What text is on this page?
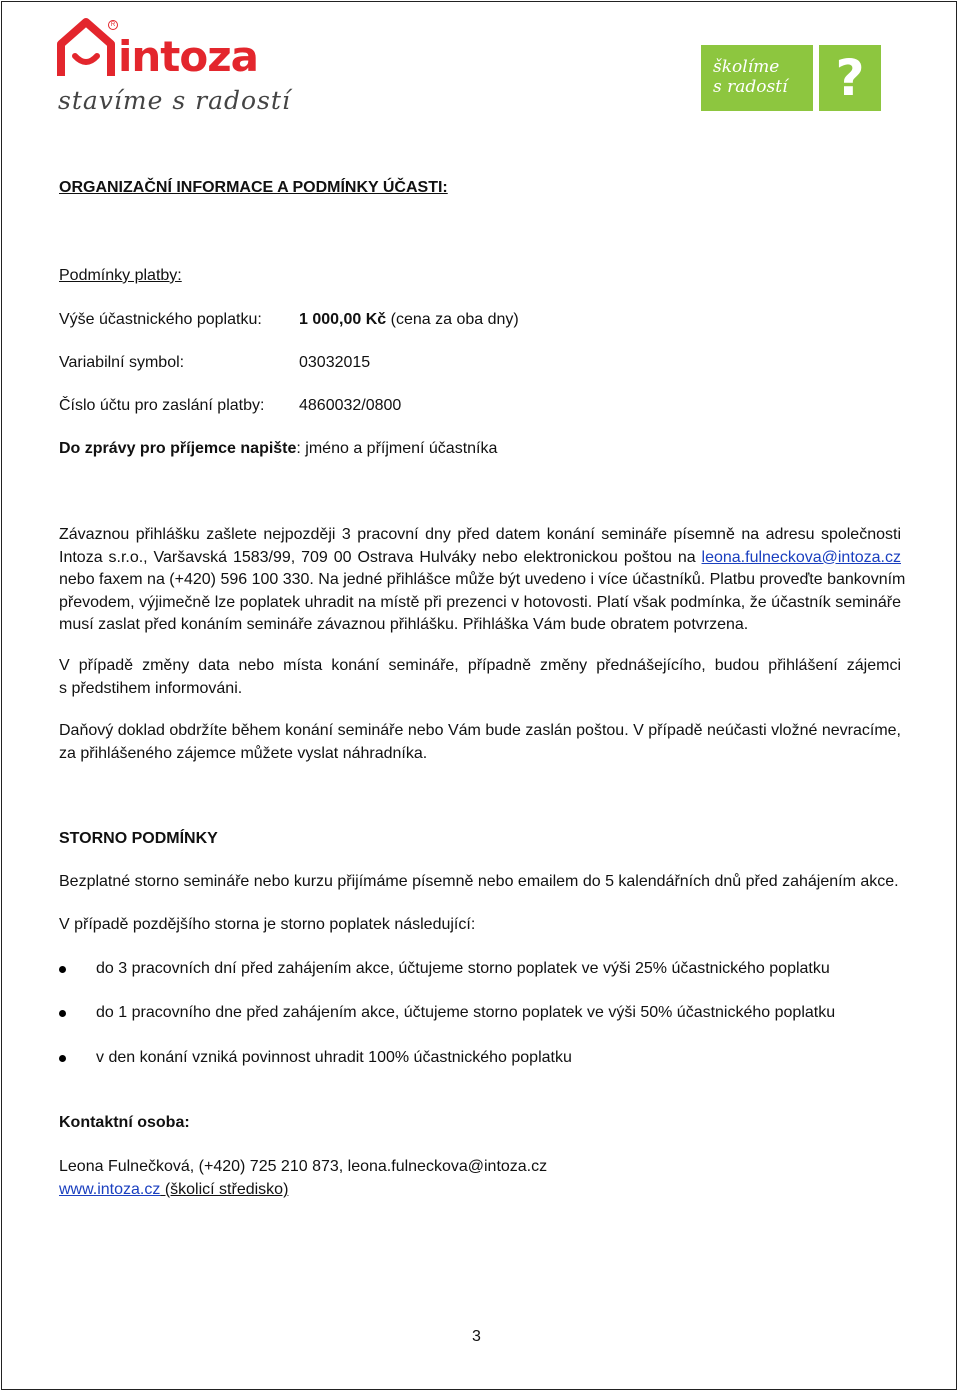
R
intoza
stavíme s radostí
školíme
s radostí ?
ORGANIZAČNÍ INFORMACE A PODMÍNKY ÚČASTI:
Podmínky platby:
Výše účastnického poplatku: 1 000,00 Kč (cena za oba dny)
Variabilní symbol:	03032015
Číslo účtu pro zaslání platby: 4860032/0800
Do zprávy pro příjemce napište: jméno a příjmení účastníka
Závaznou přihlášku zašlete nejpozději 3 pracovní dny před datem konání semináře písemně na adresu společnosti
Intoza s.r.o., Varšavská 1583/99, 709 00 Ostrava Hulváky nebo elektronickou poštou na leona.fulneckova@intoza.cz
nebo faxem na (+420) 596 100 330. Na jedné přihlášce může být uvedeno i více účastníků. Platbu proveďte bankovním
převodem, výjimečně lze poplatek uhradit na místě při prezenci v hotovosti. Platí však podmínka, že účastník semináře
musí zaslat před konáním semináře závaznou přihlášku. Přihláška Vám bude obratem potvrzena.
V případě změny data nebo místa konání semináře, případně změny přednášejícího, budou přihlášení zájemci
s předstihem informováni.
Daňový doklad obdržíte během konání semináře nebo Vám bude zaslán poštou. V případě neúčasti vložné nevracíme,
za přihlášeného zájemce můžete vyslat náhradníka.
STORNO PODMÍNKY
Bezplatné storno semináře nebo kurzu přijímáme písemně nebo emailem do 5 kalendářních dnů před zahájením akce.
V případě pozdějšího storna je storno poplatek následující:
do 3 pracovních dní před zahájením akce, účtujeme storno poplatek ve výši 25% účastnického poplatku
do 1 pracovního dne před zahájením akce, účtujeme storno poplatek ve výši 50% účastnického poplatku
v den konání vzniká povinnost uhradit 100% účastnického poplatku
Kontaktní osoba:
Leona Fulnečková, (+420) 725 210 873, leona.fulneckova@intoza.cz
www.intoza.cz (školicí středisko)
3
